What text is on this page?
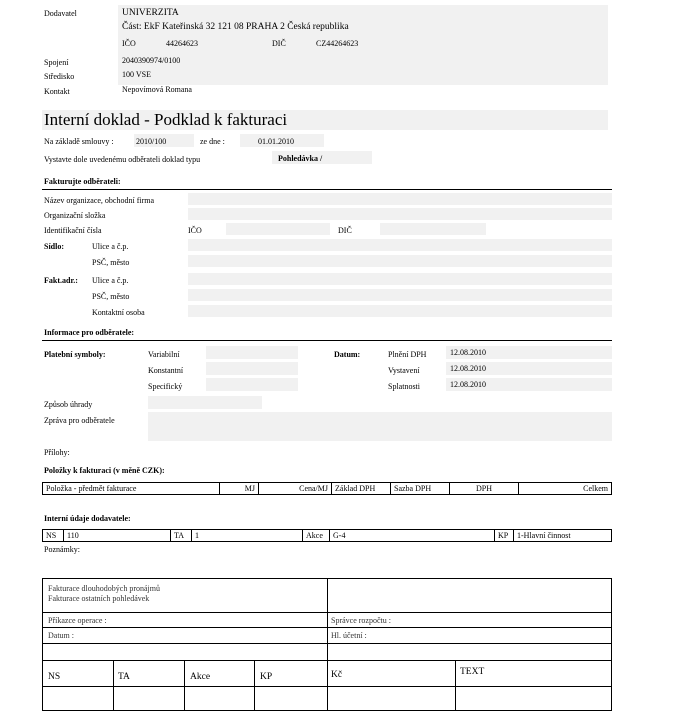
Dodavatel	UNIVERZITA
Část: EkF Kateřinská 32 121 08 PRAHA 2 Česká republika
IČO	44264623	DIČ	CZ44264623
Spojení	2040390974/0100
Středisko	100 VSE
Kontakt	Nepovímová Romana
Interní doklad - Podklad k fakturaci
Na základě smlouvy :	2010/100	ze dne :	01.01.2010
Vystavte dole uvedenému odběrateli doklad typu	Pohledávka /
Fakturujte odběrateli:
Název organizace, obchodní firma
Organizační složka
Identifikační čísla	IČO	DIČ
Sídlo:	Ulice a č.p.
PSČ, město
Fakt.adr.: Ulice a č.p.
PSČ, město
Kontaktní osoba
Informace pro odběratele:
Platební symboly:	Variabilní
Konstantní
Specifický
Datum:	Plnění DPH	12.08.2010
Vystavení	12.08.2010
Splatnosti	12.08.2010
Způsob úhrady
Zpráva pro odběratele
Přílohy:
Položky k fakturaci (v měně CZK):
Položka - předmět fakturace	MJ	Cena/MJ	Základ DPH	Sazba DPH	DPH	Celkem
Interní údaje dodavatele:
NS	110	TA	1	Akce	G-4	KP	1-Hlavní činnost
Poznámky:
Fakturace dlouhodobých pronájmů
Fakturace ostatních pohledávek
Příkazce operace :	Správce rozpočtu :
Datum :	Hl. účetní :
NS	TA	Akce	KP	Kč	TEXT
